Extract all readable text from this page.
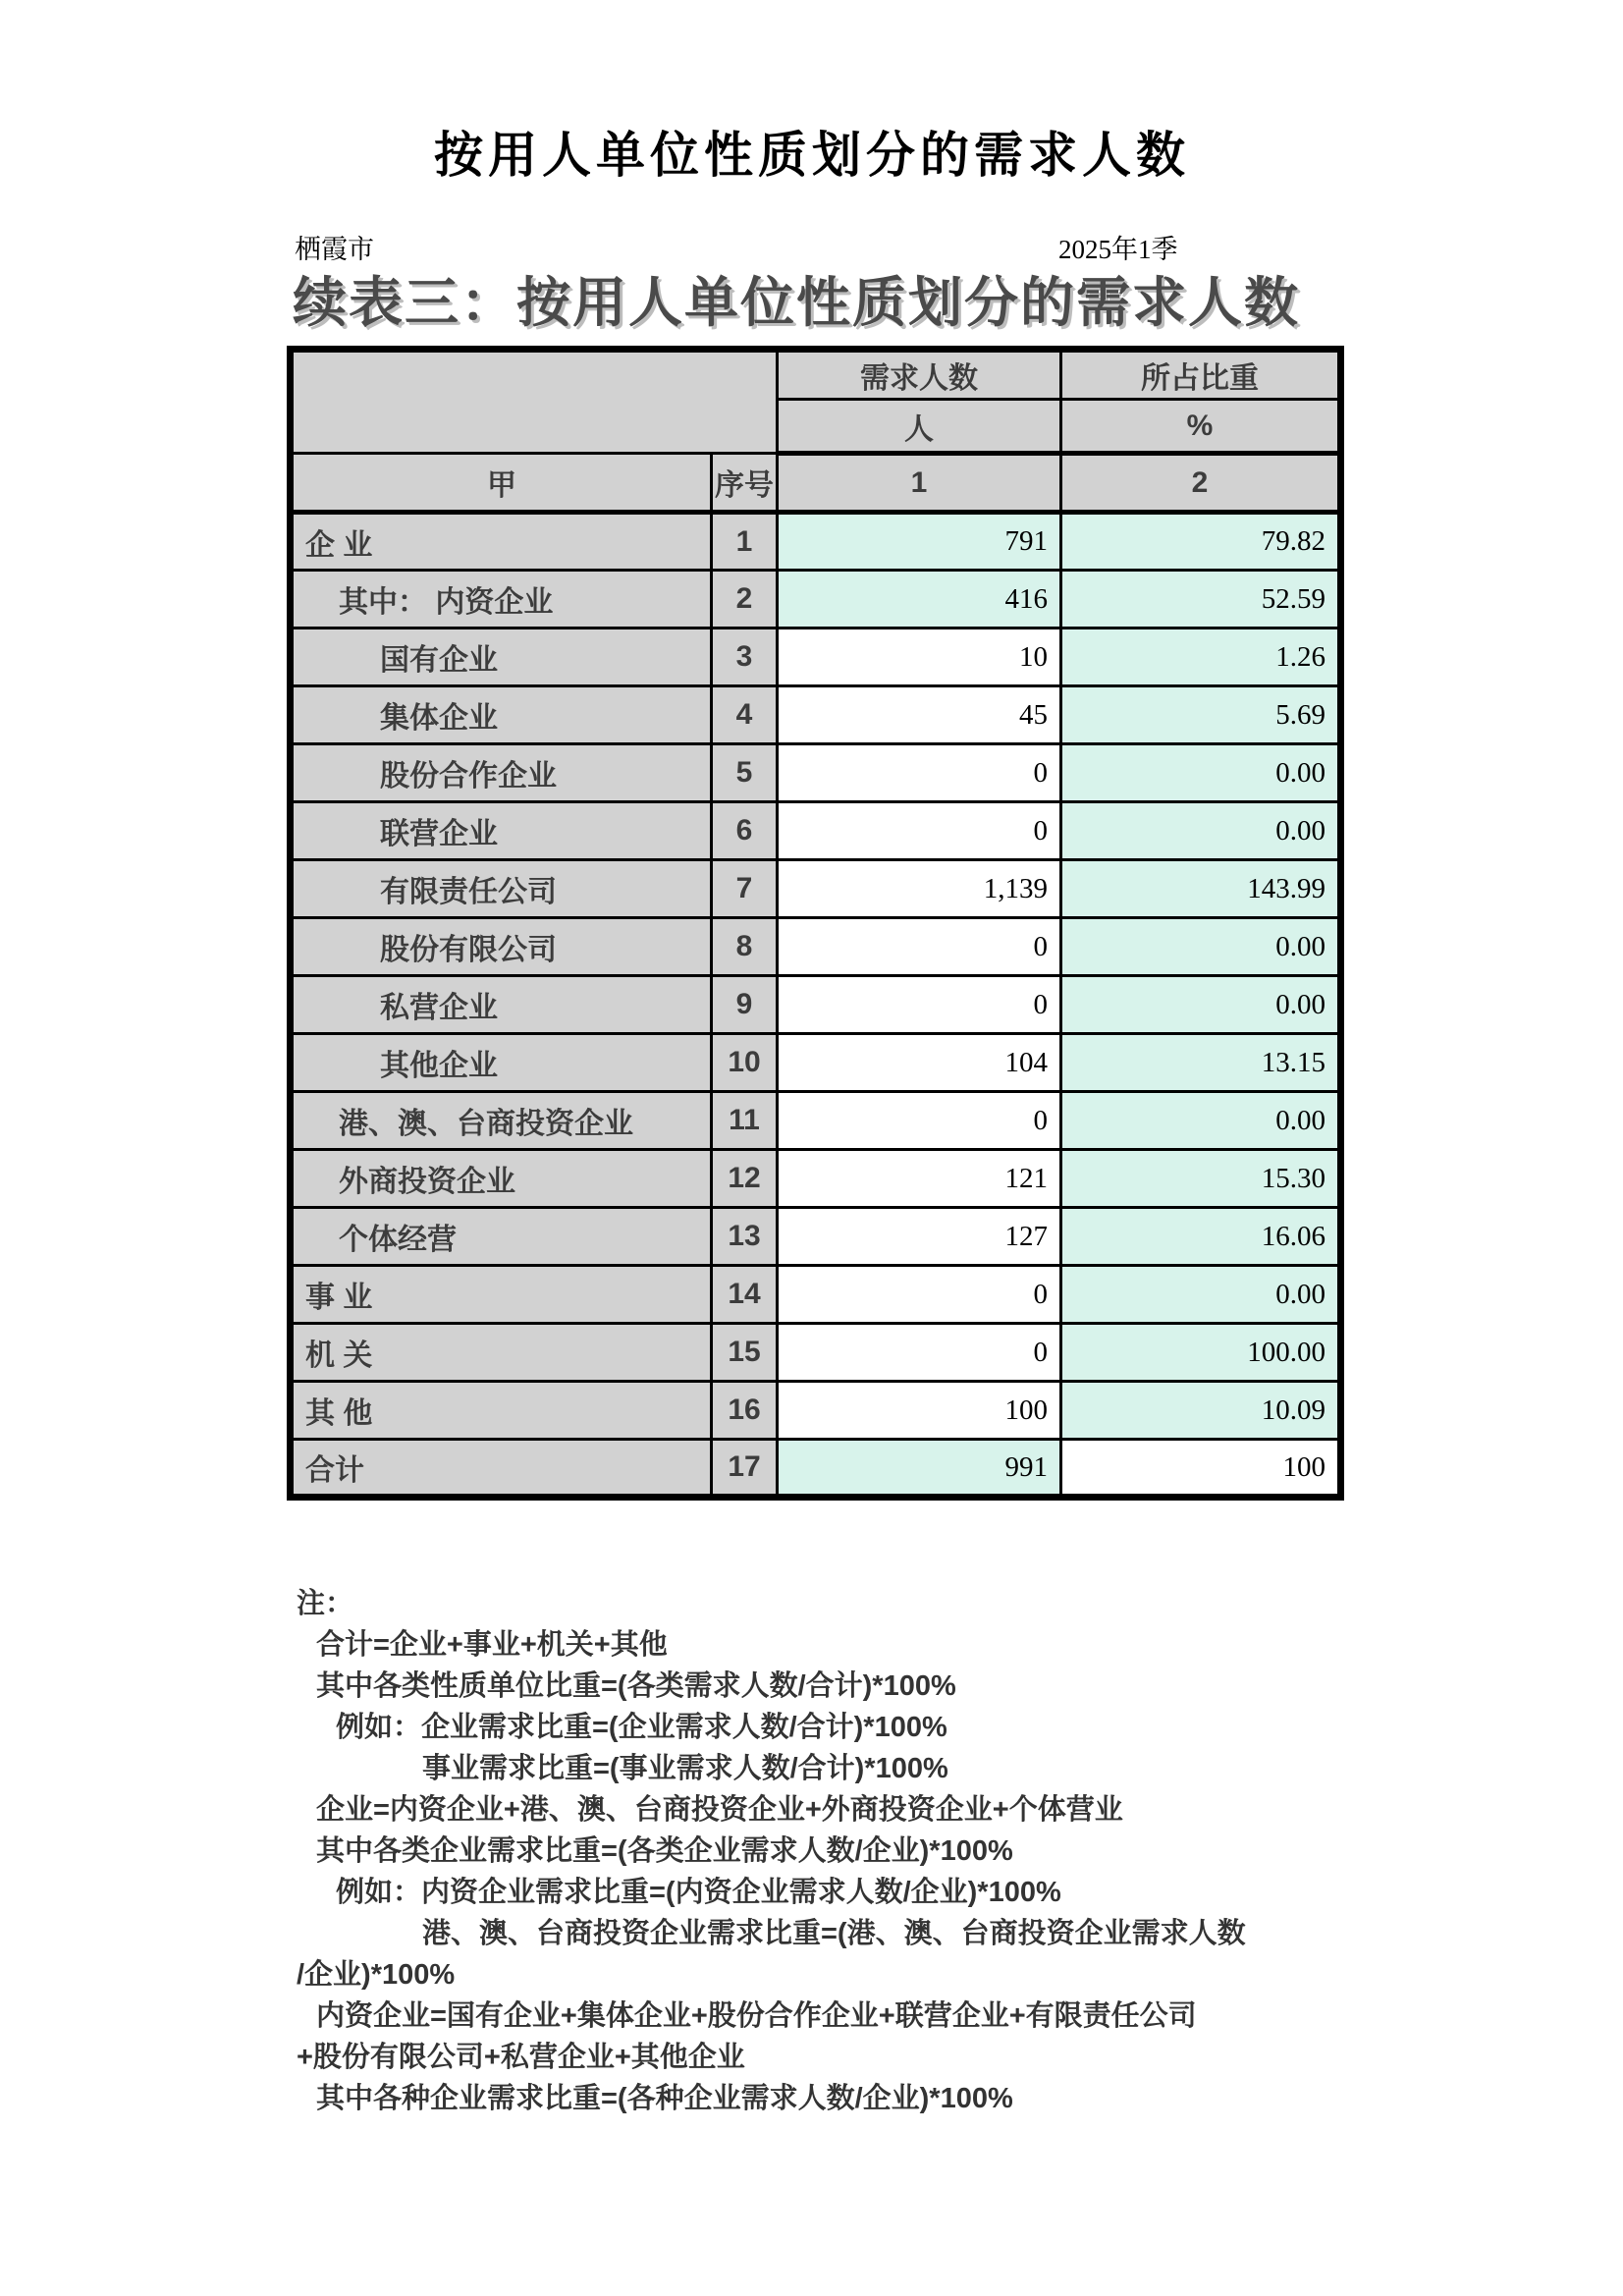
按用人单位性质划分的需求人数
栖霞市	2025年1季
续表三：按用人单位性质划分的需求人数
		需求人数	所占比重
		人	%
甲	序号	1	2
企 业	1	791	79.82
其中： 内资企业	2	416	52.59
国有企业	3	10	1.26
集体企业	4	45	5.69
股份合作企业	5	0	0.00
联营企业	6	0	0.00
有限责任公司	7	1,139	143.99
股份有限公司	8	0	0.00
私营企业	9	0	0.00
其他企业	10	104	13.15
港、澳、台商投资企业	11	0	0.00
外商投资企业	12	121	15.30
个体经营	13	127	16.06
事 业	14	0	0.00
机 关	15	0	100.00
其 他	16	100	10.09
合计	17	991	100
注：
合计=企业+事业+机关+其他
其中各类性质单位比重=(各类需求人数/合计)*100%
例如：企业需求比重=(企业需求人数/合计)*100%
事业需求比重=(事业需求人数/合计)*100%
企业=内资企业+港、澳、台商投资企业+外商投资企业+个体营业
其中各类企业需求比重=(各类企业需求人数/企业)*100%
例如：内资企业需求比重=(内资企业需求人数/企业)*100%
港、澳、台商投资企业需求比重=(港、澳、台商投资企业需求人数
/企业)*100%
内资企业=国有企业+集体企业+股份合作企业+联营企业+有限责任公司
+股份有限公司+私营企业+其他企业
其中各种企业需求比重=(各种企业需求人数/企业)*100%
